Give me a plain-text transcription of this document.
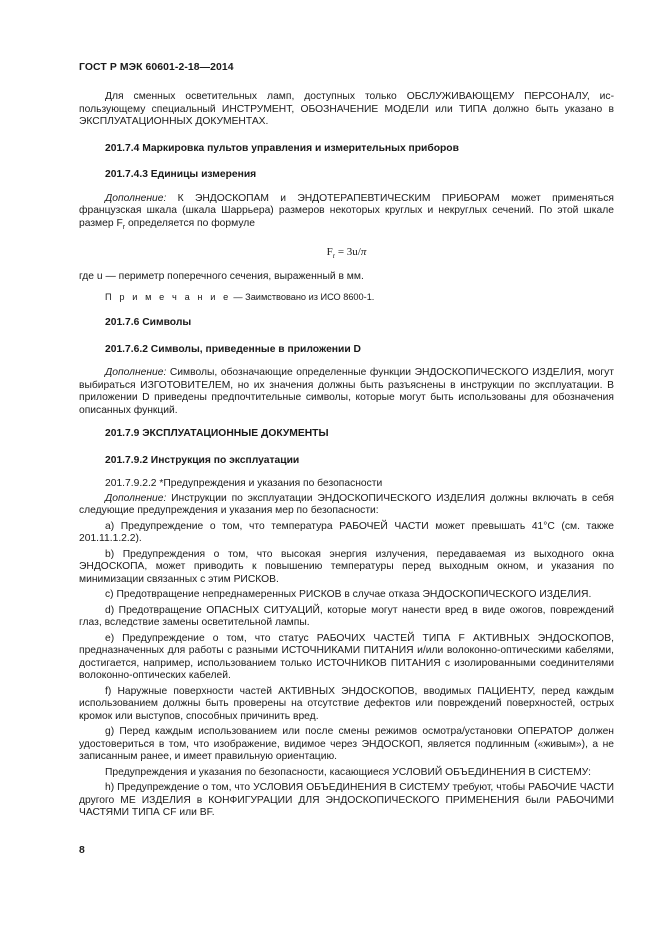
ГОСТ Р МЭК 60601-2-18—2014

Для сменных осветительных ламп, доступных только ОБСЛУЖИВАЮЩЕМУ ПЕРСОНАЛУ, использующему специальный ИНСТРУМЕНТ, ОБОЗНАЧЕНИЕ МОДЕЛИ или ТИПА должно быть указано в ЭКСПЛУАТАЦИОННЫХ ДОКУМЕНТАХ.

201.7.4 Маркировка пультов управления и измерительных приборов

201.7.4.3 Единицы измерения

Дополнение: К ЭНДОСКОПАМ и ЭНДОТЕРАПЕВТИЧЕСКИМ ПРИБОРАМ может применяться французская шкала (шкала Шаррьера) размеров некоторых круглых и некруглых сечений. По этой шкале размер $F_r$ определяется по формуле

$F_r = 3u/\pi$

где u — периметр поперечного сечения, выраженный в мм.

П р и м е ч а н и е — Заимствовано из ИСО 8600-1.

201.7.6 Символы

201.7.6.2 Символы, приведенные в приложении D

Дополнение: Символы, обозначающие определенные функции ЭНДОСКОПИЧЕСКОГО ИЗДЕЛИЯ, могут выбираться ИЗГОТОВИТЕЛЕМ, но их значения должны быть разъяснены в инструкции по эксплуатации. В приложении D приведены предпочтительные символы, которые могут быть использованы для обозначения описанных функций.

201.7.9 ЭКСПЛУАТАЦИОННЫЕ ДОКУМЕНТЫ

201.7.9.2 Инструкция по эксплуатации

201.7.9.2.2 *Предупреждения и указания по безопасности

Дополнение: Инструкции по эксплуатации ЭНДОСКОПИЧЕСКОГО ИЗДЕЛИЯ должны включать в себя следующие предупреждения и указания мер по безопасности:

a) Предупреждение о том, что температура РАБОЧЕЙ ЧАСТИ может превышать 41°С (см. также 201.11.1.2.2).

b) Предупреждения о том, что высокая энергия излучения, передаваемая из выходного окна ЭНДОСКОПА, может приводить к повышению температуры перед выходным окном, и указания по минимизации связанных с этим РИСКОВ.

c) Предотвращение непреднамеренных РИСКОВ в случае отказа ЭНДОСКОПИЧЕСКОГО ИЗДЕЛИЯ.

d) Предотвращение ОПАСНЫХ СИТУАЦИЙ, которые могут нанести вред в виде ожогов, повреждений глаз, вследствие замены осветительной лампы.

e) Предупреждение о том, что статус РАБОЧИХ ЧАСТЕЙ ТИПА F АКТИВНЫХ ЭНДОСКОПОВ, предназначенных для работы с разными ИСТОЧНИКАМИ ПИТАНИЯ и/или волоконно-оптическими кабелями, достигается, например, использованием только ИСТОЧНИКОВ ПИТАНИЯ с изолированными соединителями волоконно-оптических кабелей.

f) Наружные поверхности частей АКТИВНЫХ ЭНДОСКОПОВ, вводимых ПАЦИЕНТУ, перед каждым использованием должны быть проверены на отсутствие дефектов или повреждений поверхностей, острых кромок или выступов, способных причинить вред.

g) Перед каждым использованием или после смены режимов осмотра/установки ОПЕРАТОР должен удостовериться в том, что изображение, видимое через ЭНДОСКОП, является подлинным («живым»), а не записанным ранее, и имеет правильную ориентацию.

Предупреждения и указания по безопасности, касающиеся УСЛОВИЙ ОБЪЕДИНЕНИЯ В СИСТЕМУ:

h) Предупреждение о том, что УСЛОВИЯ ОБЪЕДИНЕНИЯ В СИСТЕМУ требуют, чтобы РАБОЧИЕ ЧАСТИ другого МЕ ИЗДЕЛИЯ в КОНФИГУРАЦИИ ДЛЯ ЭНДОСКОПИЧЕСКОГО ПРИМЕНЕНИЯ были РАБОЧИМИ ЧАСТЯМИ ТИПА CF или BF.

8
